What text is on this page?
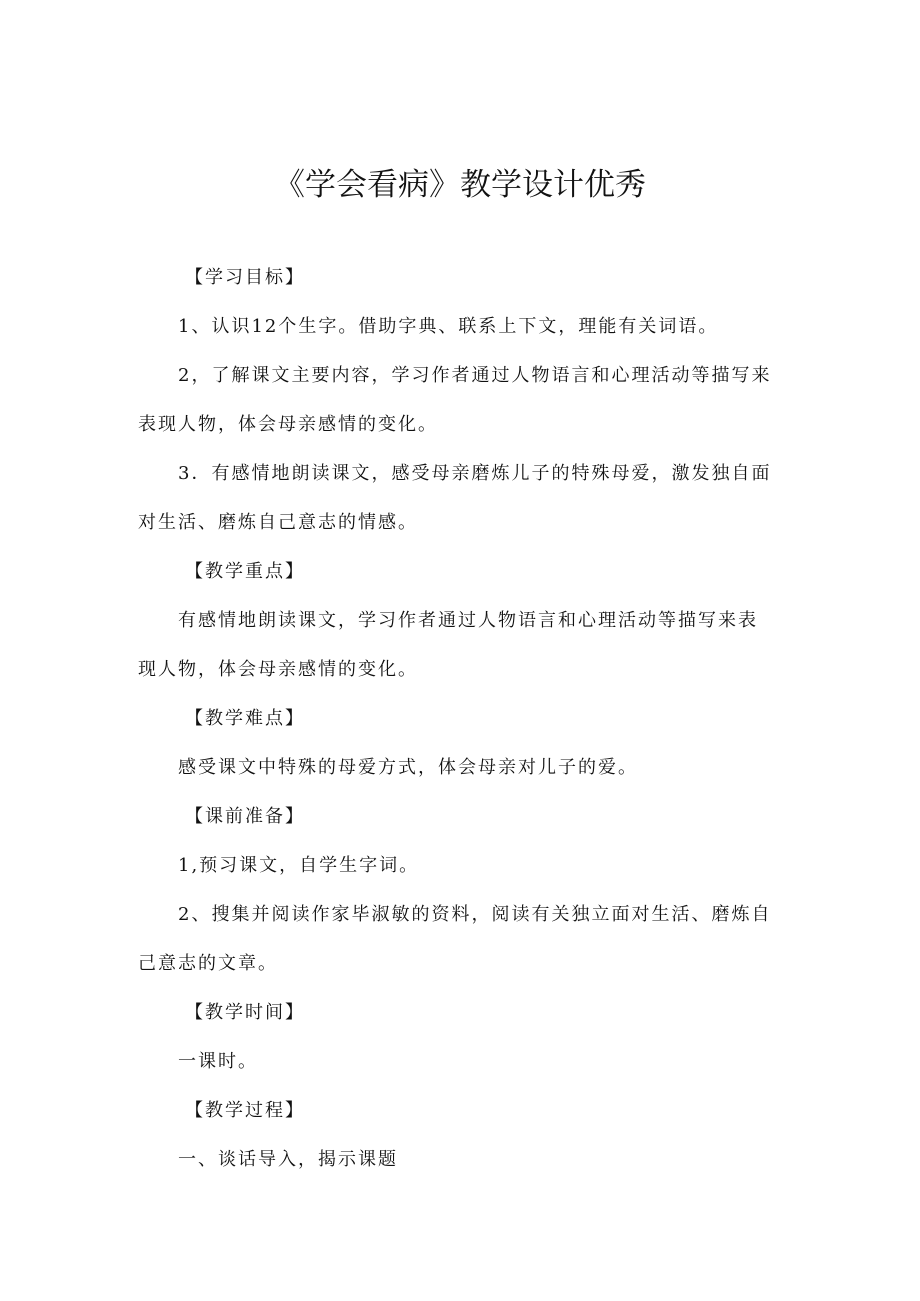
《学会看病》教学设计优秀
【学习目标】
1、认识12个生字。借助字典、联系上下文，理能有关词语。
2，了解课文主要内容，学习作者通过人物语言和心理活动等描写来
表现人物，体会母亲感情的变化。
3．有感情地朗读课文，感受母亲磨炼儿子的特殊母爱，激发独自面
对生活、磨炼自己意志的情感。
【教学重点】
有感情地朗读课文，学习作者通过人物语言和心理活动等描写来表
现人物，体会母亲感情的变化。
【教学难点】
感受课文中特殊的母爱方式，体会母亲对儿子的爱。
【课前准备】
1,预习课文，自学生字词。
2、搜集并阅读作家毕淑敏的资料，阅读有关独立面对生活、磨炼自
己意志的文章。
【教学时间】
一课时。
【教学过程】
一、谈话导入，揭示课题
